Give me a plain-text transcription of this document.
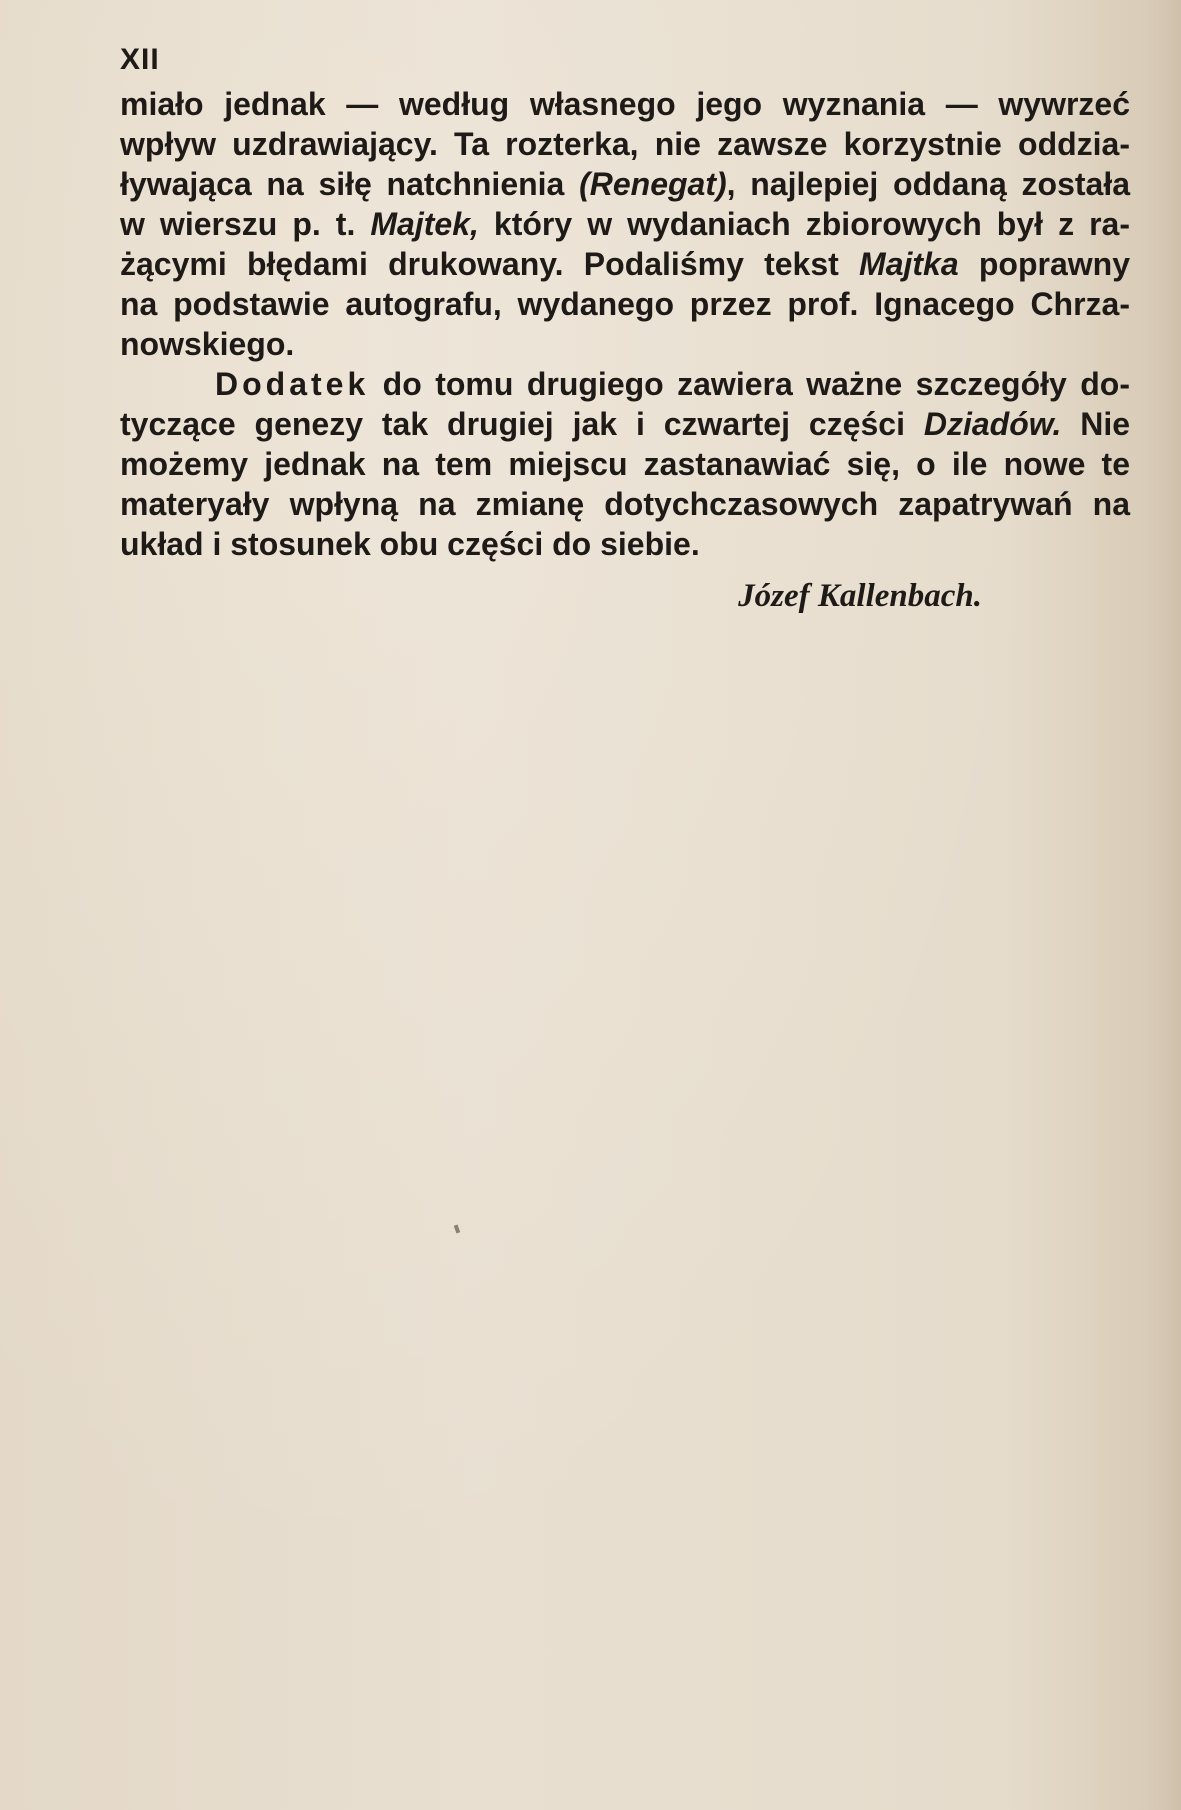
XII
miało jednak — według własnego jego wyznania — wywrzeć
wpływ uzdrawiający. Ta rozterka, nie zawsze korzystnie oddzia-
ływająca na siłę natchnienia (Renegat), najlepiej oddaną została
w wierszu p. t. Majtek, który w wydaniach zbiorowych był z ra-
żącymi błędami drukowany. Podaliśmy tekst Majtka poprawny
na podstawie autografu, wydanego przez prof. Ignacego Chrza-
nowskiego.
Dodatek do tomu drugiego zawiera ważne szczegóły do-
tyczące genezy tak drugiej jak i czwartej części Dziadów. Nie
możemy jednak na tem miejscu zastanawiać się, o ile nowe te
materyały wpłyną na zmianę dotychczasowych zapatrywań na
układ i stosunek obu części do siebie.
Józef Kallenbach.
